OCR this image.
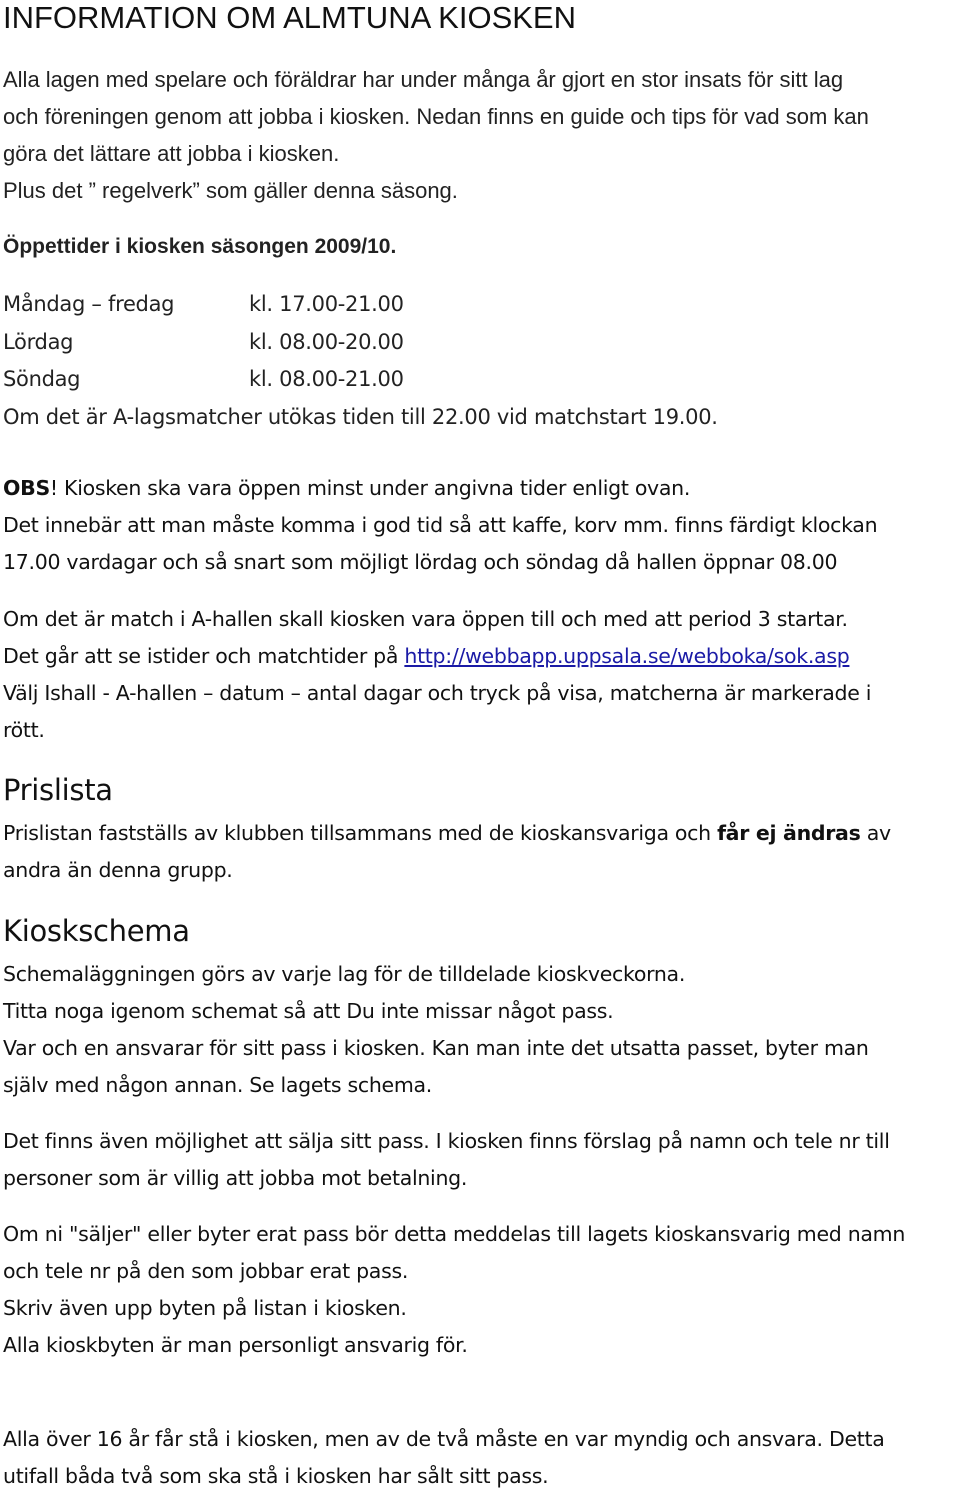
INFORMATION OM ALMTUNA KIOSKEN
Alla lagen med spelare och föräldrar har under många år gjort en stor insats för sitt lag
och föreningen genom att jobba i kiosken. Nedan finns en guide och tips för vad som kan
göra det lättare att jobba i kiosken.
Plus det ” regelverk” som gäller denna säsong.
Öppettider i kiosken säsongen 2009/10.
Måndag – fredag	kl. 17.00-21.00
Lördag	kl. 08.00-20.00
Söndag	kl. 08.00-21.00
Om det är A-lagsmatcher utökas tiden till 22.00 vid matchstart 19.00.
OBS! Kiosken ska vara öppen minst under angivna tider enligt ovan.
Det innebär att man måste komma i god tid så att kaffe, korv mm. finns färdigt klockan
17.00 vardagar och så snart som möjligt lördag och söndag då hallen öppnar 08.00
Om det är match i A-hallen skall kiosken vara öppen till och med att period 3 startar.
Det går att se istider och matchtider på http://webbapp.uppsala.se/webboka/sok.asp
Välj Ishall - A-hallen – datum – antal dagar och tryck på visa, matcherna är markerade i
rött.
Prislista
Prislistan fastställs av klubben tillsammans med de kioskansvariga och får ej ändras av
andra än denna grupp.
Kioskschema
Schemaläggningen görs av varje lag för de tilldelade kioskveckorna.
Titta noga igenom schemat så att Du inte missar något pass.
Var och en ansvarar för sitt pass i kiosken. Kan man inte det utsatta passet, byter man
själv med någon annan. Se lagets schema.
Det finns även möjlighet att sälja sitt pass. I kiosken finns förslag på namn och tele nr till
personer som är villig att jobba mot betalning.
Om ni "säljer" eller byter erat pass bör detta meddelas till lagets kioskansvarig med namn
och tele nr på den som jobbar erat pass.
Skriv även upp byten på listan i kiosken.
Alla kioskbyten är man personligt ansvarig för.
Alla över 16 år får stå i kiosken, men av de två måste en var myndig och ansvara. Detta
utifall båda två som ska stå i kiosken har sålt sitt pass.
